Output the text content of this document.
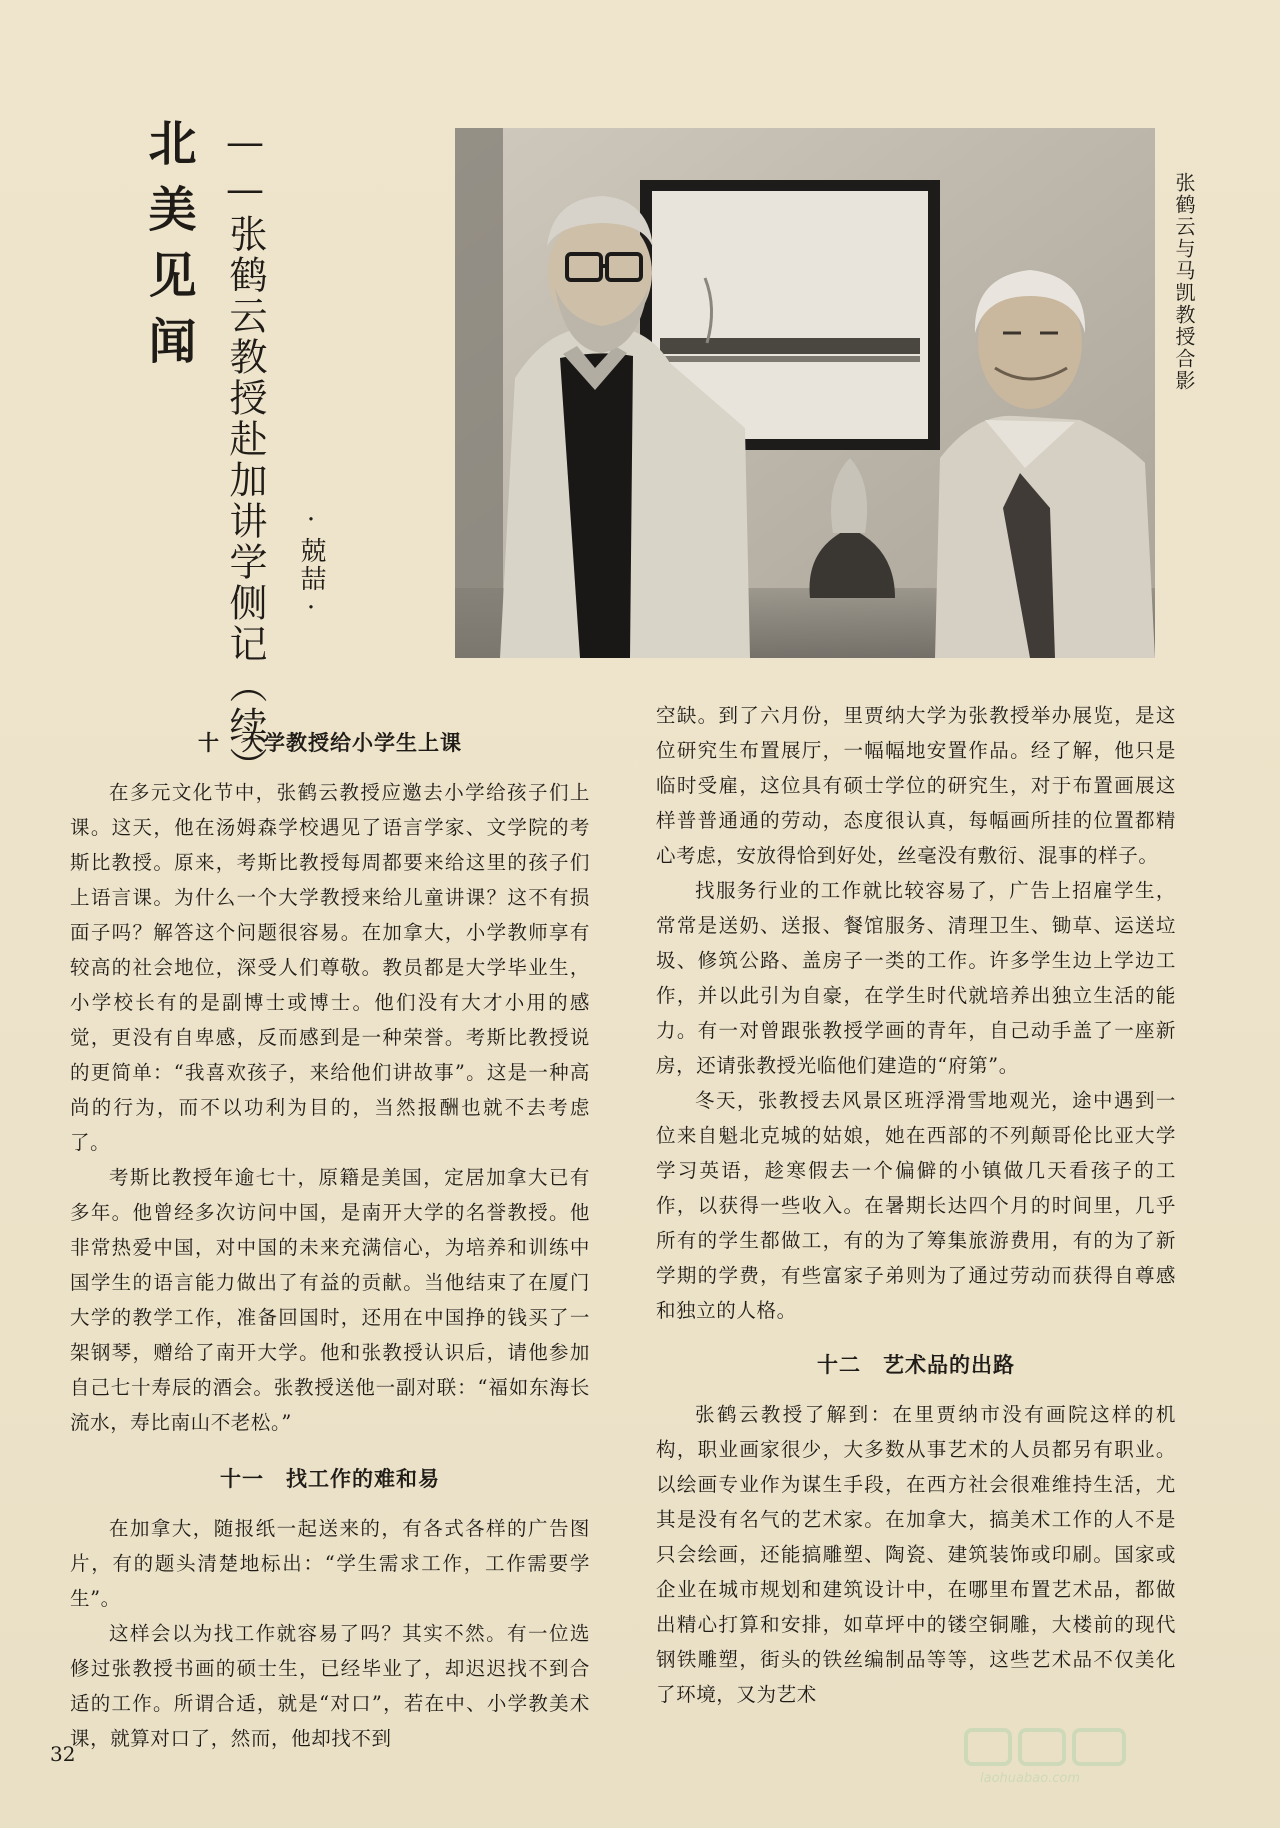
北美见闻 ——张鹤云教授赴加讲学侧记（续） ·兢喆·
张鹤云与马凯教授合影
十　大学教授给小学生上课

在多元文化节中，张鹤云教授应邀去小学给孩子们上课。这天，他在汤姆森学校遇见了语言学家、文学院的考斯比教授。原来，考斯比教授每周都要来给这里的孩子们上语言课。为什么一个大学教授来给儿童讲课？这不有损面子吗？解答这个问题很容易。在加拿大，小学教师享有较高的社会地位，深受人们尊敬。教员都是大学毕业生，小学校长有的是副博士或博士。他们没有大才小用的感觉，更没有自卑感，反而感到是一种荣誉。考斯比教授说的更简单：“我喜欢孩子，来给他们讲故事”。这是一种高尚的行为，而不以功利为目的，当然报酬也就不去考虑了。

考斯比教授年逾七十，原籍是美国，定居加拿大已有多年。他曾经多次访问中国，是南开大学的名誉教授。他非常热爱中国，对中国的未来充满信心，为培养和训练中国学生的语言能力做出了有益的贡献。当他结束了在厦门大学的教学工作，准备回国时，还用在中国挣的钱买了一架钢琴，赠给了南开大学。他和张教授认识后，请他参加自己七十寿辰的酒会。张教授送他一副对联：“福如东海长流水，寿比南山不老松。”

十一　找工作的难和易

在加拿大，随报纸一起送来的，有各式各样的广告图片，有的题头清楚地标出：“学生需求工作，工作需要学生”。

这样会以为找工作就容易了吗？其实不然。有一位选修过张教授书画的硕士生，已经毕业了，却迟迟找不到合适的工作。所谓合适，就是“对口”，若在中、小学教美术课，就算对口了，然而，他却找不到

空缺。到了六月份，里贾纳大学为张教授举办展览，是这位研究生布置展厅，一幅幅地安置作品。经了解，他只是临时受雇，这位具有硕士学位的研究生，对于布置画展这样普普通通的劳动，态度很认真，每幅画所挂的位置都精心考虑，安放得恰到好处，丝毫没有敷衍、混事的样子。

找服务行业的工作就比较容易了，广告上招雇学生，常常是送奶、送报、餐馆服务、清理卫生、锄草、运送垃圾、修筑公路、盖房子一类的工作。许多学生边上学边工作，并以此引为自豪，在学生时代就培养出独立生活的能力。有一对曾跟张教授学画的青年，自己动手盖了一座新房，还请张教授光临他们建造的“府第”。

冬天，张教授去风景区班浮滑雪地观光，途中遇到一位来自魁北克城的姑娘，她在西部的不列颠哥伦比亚大学学习英语，趁寒假去一个偏僻的小镇做几天看孩子的工作，以获得一些收入。在暑期长达四个月的时间里，几乎所有的学生都做工，有的为了筹集旅游费用，有的为了新学期的学费，有些富家子弟则为了通过劳动而获得自尊感和独立的人格。

十二　艺术品的出路

张鹤云教授了解到：在里贾纳市没有画院这样的机构，职业画家很少，大多数从事艺术的人员都另有职业。以绘画专业作为谋生手段，在西方社会很难维持生活，尤其是没有名气的艺术家。在加拿大，搞美术工作的人不是只会绘画，还能搞雕塑、陶瓷、建筑装饰或印刷。国家或企业在城市规划和建筑设计中，在哪里布置艺术品，都做出精心打算和安排，如草坪中的镂空铜雕，大楼前的现代钢铁雕塑，街头的铁丝编制品等等，这些艺术品不仅美化了环境，又为艺术

32
laohuabao.com
